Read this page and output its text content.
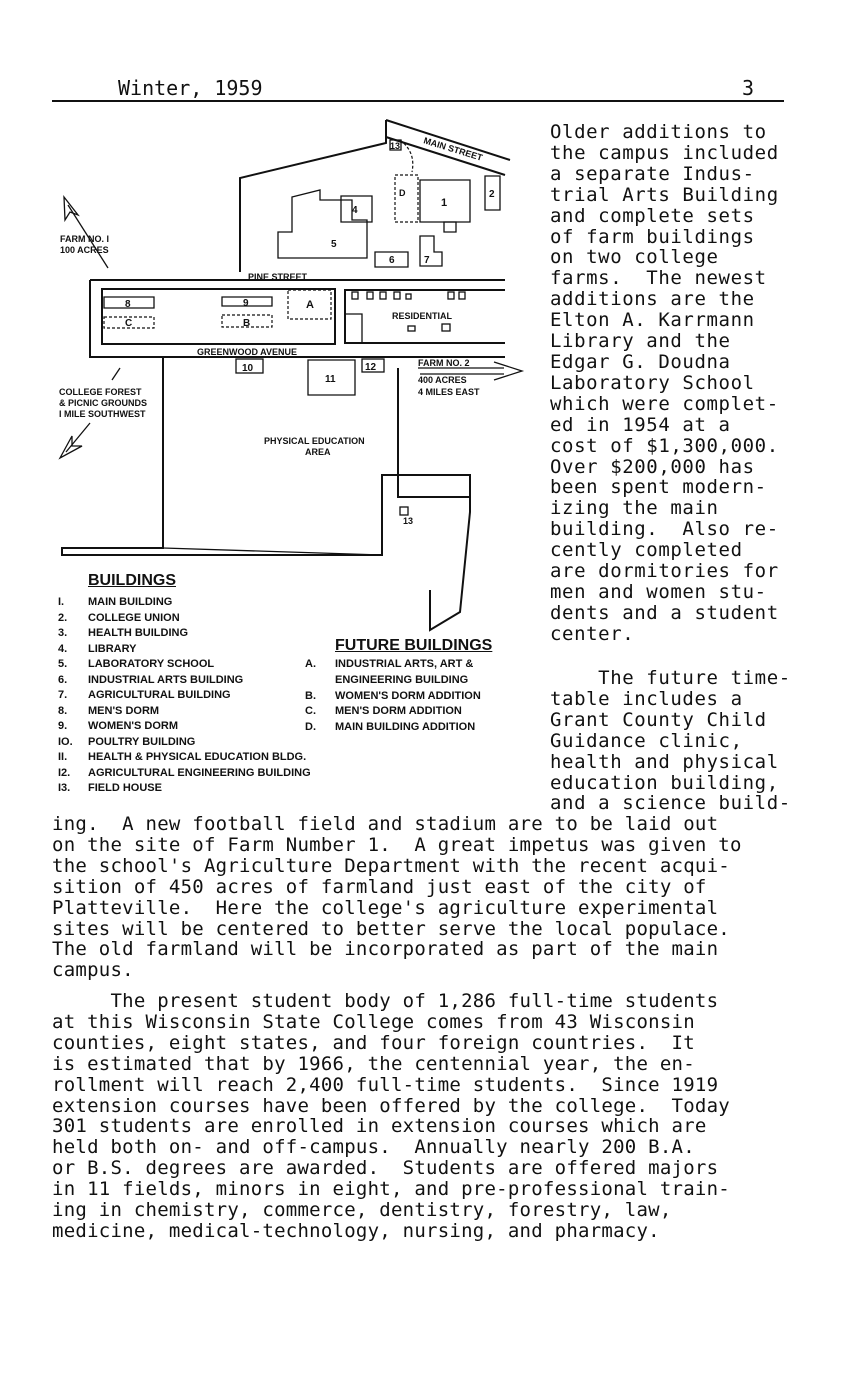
Winter, 1959	3
MAIN STREET
PINE STREET
GREENWOOD AVENUE
FARM NO. I
100 ACRES
FARM NO. 2
400 ACRES
4 MILES EAST
COLLEGE FOREST
& PICNIC GROUNDS
I MILE SOUTHWEST
RESIDENTIAL
PHYSICAL EDUCATION
AREA
1
2
4
5
6	7
8	9
10
11
12
13
13
A
B
C
D
BUILDINGS
I. MAIN BUILDING
2. COLLEGE UNION
3. HEALTH BUILDING
4. LIBRARY
5. LABORATORY SCHOOL
6. INDUSTRIAL ARTS BUILDING
7. AGRICULTURAL BUILDING
8. MEN'S DORM
9. WOMEN'S DORM
IO. POULTRY BUILDING
II. HEALTH & PHYSICAL EDUCATION BLDG.
I2. AGRICULTURAL ENGINEERING BUILDING
I3. FIELD HOUSE
FUTURE BUILDINGS
A. INDUSTRIAL ARTS, ART &
ENGINEERING BUILDING
B. WOMEN'S DORM ADDITION
C. MEN'S DORM ADDITION
D. MAIN BUILDING ADDITION
Older additions to
the campus included
a separate Indus-
trial Arts Building
and complete sets
of farm buildings
on two college
farms.  The newest
additions are the
Elton A. Karrmann
Library and the
Edgar G. Doudna
Laboratory School
which were complet-
ed in 1954 at a
cost of $1,300,000.
Over $200,000 has
been spent modern-
izing the main
building.  Also re-
cently completed
are dormitories for
men and women stu-
dents and a student
center.
The future time-
table includes a
Grant County Child
Guidance clinic,
health and physical
education building,
and a science build-
ing.  A new football field and stadium are to be laid out
on the site of Farm Number 1.  A great impetus was given to
the school's Agriculture Department with the recent acqui-
sition of 450 acres of farmland just east of the city of
Platteville.  Here the college's agriculture experimental
sites will be centered to better serve the local populace.
The old farmland will be incorporated as part of the main
campus.
The present student body of 1,286 full-time students
at this Wisconsin State College comes from 43 Wisconsin
counties, eight states, and four foreign countries.  It
is estimated that by 1966, the centennial year, the en-
rollment will reach 2,400 full-time students.  Since 1919
extension courses have been offered by the college.  Today
301 students are enrolled in extension courses which are
held both on- and off-campus.  Annually nearly 200 B.A.
or B.S. degrees are awarded.  Students are offered majors
in 11 fields, minors in eight, and pre-professional train-
ing in chemistry, commerce, dentistry, forestry, law,
medicine, medical-technology, nursing, and pharmacy.
